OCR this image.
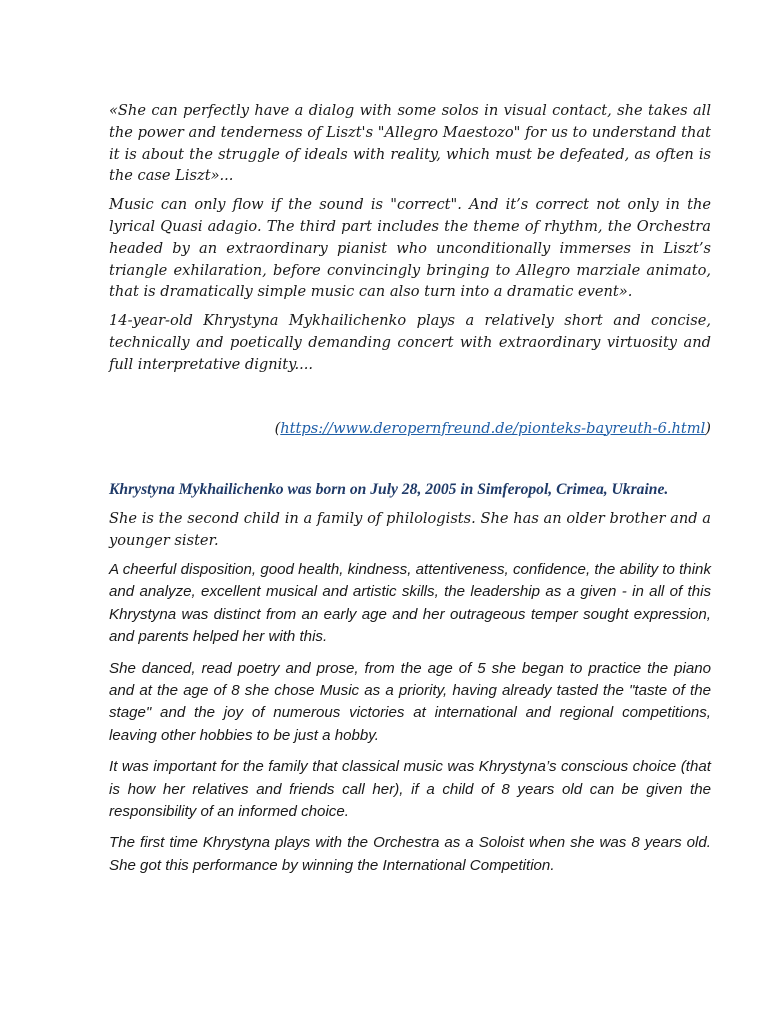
«She can perfectly have a dialog with some solos in visual contact, she takes all the power and tenderness of Liszt's "Allegro Maestozo" for us to understand that it is about the struggle of ideals with reality, which must be defeated, as often is the case Liszt»...

Music can only flow if the sound is "correct". And it’s correct not only in the lyrical Quasi adagio. The third part includes the theme of rhythm, the Orchestra headed by an extraordinary pianist who unconditionally immerses in Liszt’s triangle exhilaration, before convincingly bringing to Allegro marziale animato, that is dramatically simple music can also turn into a dramatic event».

14-year-old Khrystyna Mykhailichenko plays a relatively short and concise, technically and poetically demanding concert with extraordinary virtuosity and full interpretative dignity....

(https://www.deropernfreund.de/pionteks-bayreuth-6.html)

Khrystyna Mykhailichenko was born on July 28, 2005 in Simferopol, Crimea, Ukraine.

She is the second child in a family of philologists. She has an older brother and a younger sister.

A cheerful disposition, good health, kindness, attentiveness, confidence, the ability to think and analyze, excellent musical and artistic skills, the leadership as a given - in all of this Khrystyna was distinct from an early age and her outrageous temper sought expression, and parents helped her with this.

She danced, read poetry and prose, from the age of 5 she began to practice the piano and at the age of 8 she chose Music as a priority, having already tasted the "taste of the stage" and the joy of numerous victories at international and regional competitions, leaving other hobbies to be just a hobby.

It was important for the family that classical music was Khrystyna’s conscious choice (that is how her relatives and friends call her), if a child of 8 years old can be given the responsibility of an informed choice.

The first time Khrystyna plays with the Orchestra as a Soloist when she was 8 years old. She got this performance by winning the International Competition.
